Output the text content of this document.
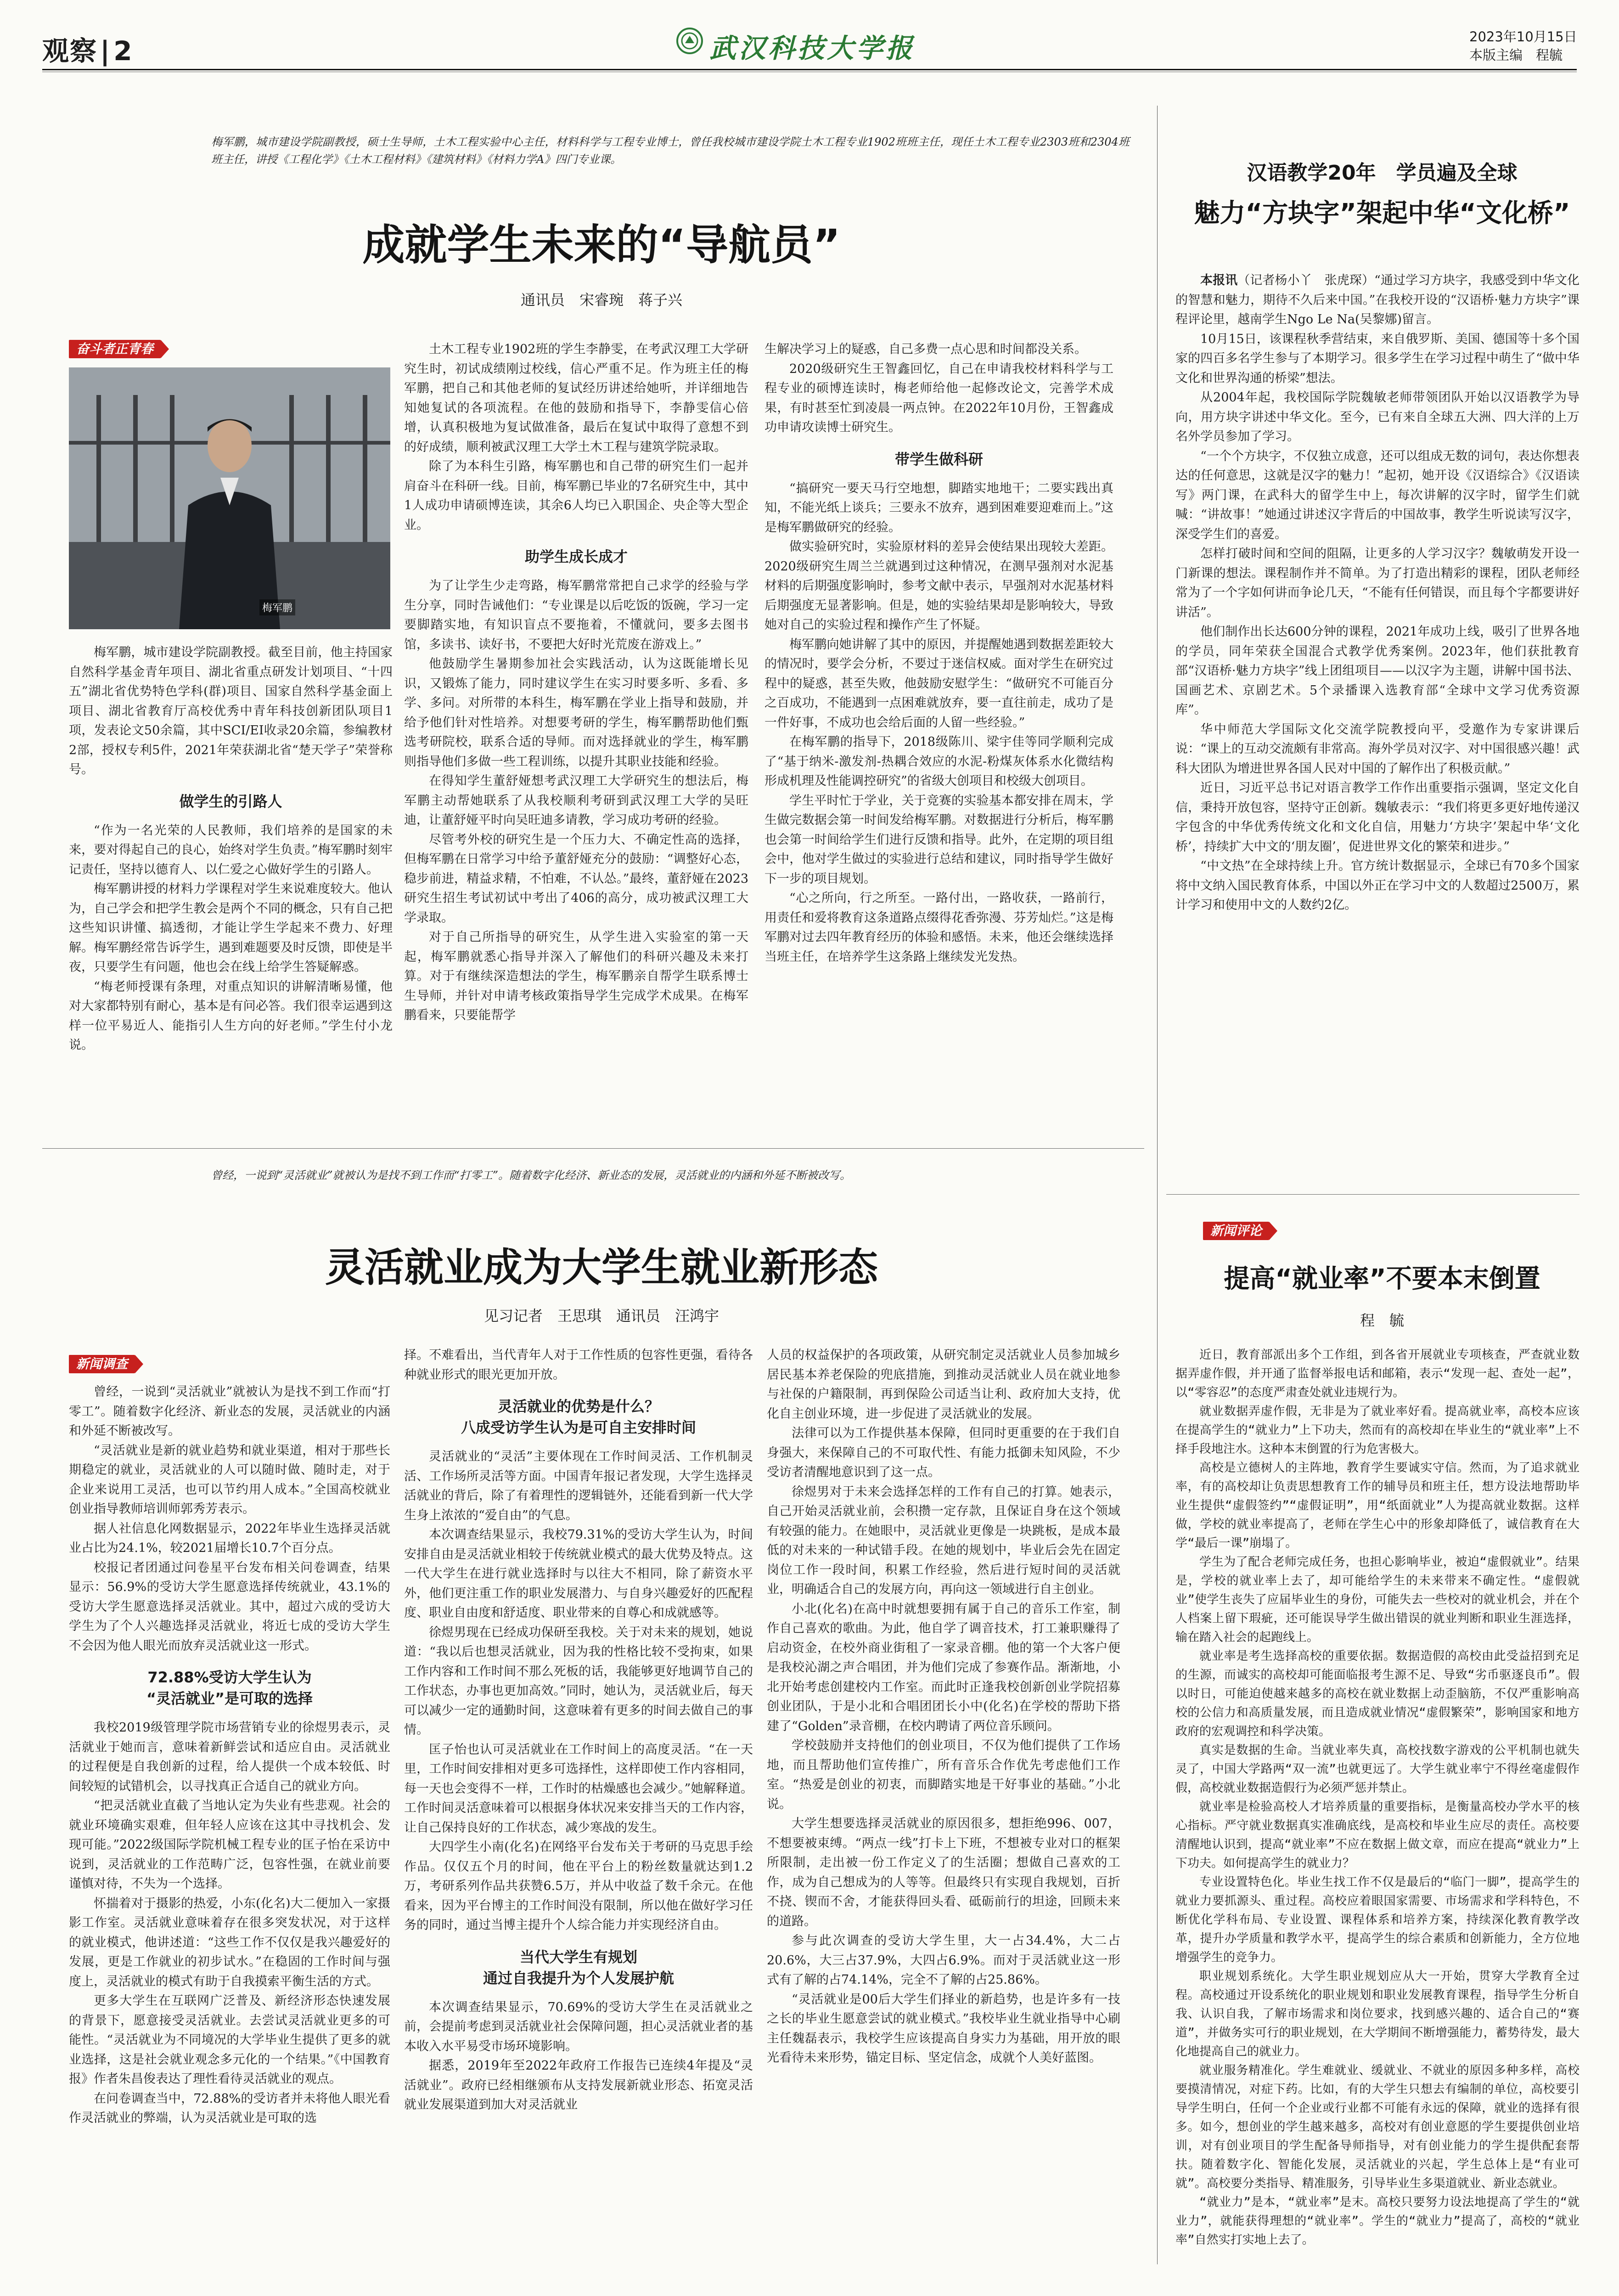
观察 | 2	武汉科技大学报	2023年10月15日
本版主编　程毓
梅军鹏，城市建设学院副教授，硕士生导师，土木工程实验中心主任，材料科学与工程专业博士，曾任我校城市建设学院土木工程专业1902班班主任，现任土木工程专业2303班和2304班班主任，讲授《工程化学》《土木工程材料》《建筑材料》《材料力学A》四门专业课。
成就学生未来的“导航员”
通讯员　宋睿琬　蒋子兴
奋斗者正青春
梅军鹏

梅军鹏，城市建设学院副教授。截至目前，他主持国家自然科学基金青年项目、湖北省重点研发计划项目、“十四五”湖北省优势特色学科(群)项目、国家自然科学基金面上项目、湖北省教育厅高校优秀中青年科技创新团队项目1项，发表论文50余篇，其中SCI/EI收录20余篇，参编教材2部，授权专利5件，2021年荣获湖北省“楚天学子”荣誉称号。

做学生的引路人

“作为一名光荣的人民教师，我们培养的是国家的未来，要对得起自己的良心，始终对学生负责。”梅军鹏时刻牢记责任，坚持以德育人、以仁爱之心做好学生的引路人。

梅军鹏讲授的材料力学课程对学生来说难度较大。他认为，自己学会和把学生教会是两个不同的概念，只有自己把这些知识讲懂、搞透彻，才能让学生学起来不费力、好理解。梅军鹏经常告诉学生，遇到难题要及时反馈，即使是半夜，只要学生有问题，他也会在线上给学生答疑解惑。

“梅老师授课有条理，对重点知识的讲解清晰易懂，他对大家都特别有耐心，基本是有问必答。我们很幸运遇到这样一位平易近人、能指引人生方向的好老师。”学生付小龙说。

土木工程专业1902班的学生李静雯，在考武汉理工大学研究生时，初试成绩刚过校线，信心严重不足。作为班主任的梅军鹏，把自己和其他老师的复试经历讲述给她听，并详细地告知她复试的各项流程。在他的鼓励和指导下，李静雯信心倍增，认真积极地为复试做准备，最后在复试中取得了意想不到的好成绩，顺利被武汉理工大学土木工程与建筑学院录取。

除了为本科生引路，梅军鹏也和自己带的研究生们一起并肩奋斗在科研一线。目前，梅军鹏已毕业的7名研究生中，其中1人成功申请硕博连读，其余6人均已入职国企、央企等大型企业。

助学生成长成才

为了让学生少走弯路，梅军鹏常常把自己求学的经验与学生分享，同时告诫他们：“专业课是以后吃饭的饭碗，学习一定要脚踏实地，有知识盲点不要拖着，不懂就问，要多去图书馆，多读书、读好书，不要把大好时光荒废在游戏上。”

他鼓励学生暑期参加社会实践活动，认为这既能增长见识，又锻炼了能力，同时建议学生在实习时要多听、多看、多学、多问。对所带的本科生，梅军鹏在学业上指导和鼓励，并给予他们针对性培养。对想要考研的学生，梅军鹏帮助他们甄选考研院校，联系合适的导师。而对选择就业的学生，梅军鹏则指导他们多做一些工程训练，以提升其职业技能和经验。

在得知学生董舒娅想考武汉理工大学研究生的想法后，梅军鹏主动帮她联系了从我校顺利考研到武汉理工大学的吴旺迪，让董舒娅平时向吴旺迪多请教，学习成功考研的经验。

尽管考外校的研究生是一个压力大、不确定性高的选择，但梅军鹏在日常学习中给予董舒娅充分的鼓励：“调整好心态，稳步前进，精益求精，不怕难，不认怂。”最终，董舒娅在2023研究生招生考试初试中考出了406的高分，成功被武汉理工大学录取。

对于自己所指导的研究生，从学生进入实验室的第一天起，梅军鹏就悉心指导并深入了解他们的科研兴趣及未来打算。对于有继续深造想法的学生，梅军鹏亲自帮学生联系博士生导师，并针对申请考核政策指导学生完成学术成果。在梅军鹏看来，只要能帮学

生解决学习上的疑惑，自己多费一点心思和时间都没关系。

2020级研究生王智鑫回忆，自己在申请我校材料科学与工程专业的硕博连读时，梅老师给他一起修改论文，完善学术成果，有时甚至忙到凌晨一两点钟。在2022年10月份，王智鑫成功申请攻读博士研究生。

带学生做科研

“搞研究一要天马行空地想，脚踏实地地干；二要实践出真知，不能光纸上谈兵；三要永不放弃，遇到困难要迎难而上。”这是梅军鹏做研究的经验。

做实验研究时，实验原材料的差异会使结果出现较大差距。2020级研究生周兰兰就遇到过这种情况，在测早强剂对水泥基材料的后期强度影响时，参考文献中表示，早强剂对水泥基材料后期强度无显著影响。但是，她的实验结果却是影响较大，导致她对自己的实验过程和操作产生了怀疑。

梅军鹏向她讲解了其中的原因，并提醒她遇到数据差距较大的情况时，要学会分析，不要过于迷信权威。面对学生在研究过程中的疑惑，甚至失败，他鼓励安慰学生：“做研究不可能百分之百成功，不能遇到一点困难就放弃，要一直往前走，成功了是一件好事，不成功也会给后面的人留一些经验。”

在梅军鹏的指导下，2018级陈川、梁宇佳等同学顺利完成了“基于纳米-激发剂-热耦合效应的水泥-粉煤灰体系水化微结构形成机理及性能调控研究”的省级大创项目和校级大创项目。

学生平时忙于学业，关于竞赛的实验基本都安排在周末，学生做完数据会第一时间发给梅军鹏。对数据进行分析后，梅军鹏也会第一时间给学生们进行反馈和指导。此外，在定期的项目组会中，他对学生做过的实验进行总结和建议，同时指导学生做好下一步的项目规划。

“心之所向，行之所至。一路付出，一路收获，一路前行，用责任和爱将教育这条道路点缀得花香弥漫、芬芳灿烂。”这是梅军鹏对过去四年教育经历的体验和感悟。未来，他还会继续选择当班主任，在培养学生这条路上继续发光发热。

汉语教学20年　学员遍及全球
魅力“方块字”架起中华“文化桥”

本报讯（记者杨小丫　张虎琛）“通过学习方块字，我感受到中华文化的智慧和魅力，期待不久后来中国。”在我校开设的“汉语桥·魅力方块字”课程评论里，越南学生Ngo Le Na(吴黎娜)留言。

10月15日，该课程秋季营结束，来自俄罗斯、美国、德国等十多个国家的四百多名学生参与了本期学习。很多学生在学习过程中萌生了“做中华文化和世界沟通的桥梁”想法。

从2004年起，我校国际学院魏敏老师带领团队开始以汉语教学为导向，用方块字讲述中华文化。至今，已有来自全球五大洲、四大洋的上万名外学员参加了学习。

“一个个方块字，不仅独立成意，还可以组成无数的词句，表达你想表达的任何意思，这就是汉字的魅力！”起初，她开设《汉语综合》《汉语读写》两门课，在武科大的留学生中上，每次讲解的汉字时，留学生们就喊：“讲故事！”她通过讲述汉字背后的中国故事，教学生听说读写汉字，深受学生们的喜爱。

怎样打破时间和空间的阻隔，让更多的人学习汉字？魏敏萌发开设一门新课的想法。课程制作并不简单。为了打造出精彩的课程，团队老师经常为了一个字如何讲而争论几天，“不能有任何错误，而且每个字都要讲好讲活”。

他们制作出长达600分钟的课程，2021年成功上线，吸引了世界各地的学员，同年荣获全国混合式教学优秀案例。2023年，他们获批教育部“汉语桥·魅力方块字”线上团组项目——以汉字为主题，讲解中国书法、国画艺术、京剧艺术。5个录播课入选教育部“全球中文学习优秀资源库”。

华中师范大学国际文化交流学院教授向平，受邀作为专家讲课后说：“课上的互动交流颇有非常高。海外学员对汉字、对中国很感兴趣！武科大团队为增进世界各国人民对中国的了解作出了积极贡献。”

近日，习近平总书记对语言教学工作作出重要指示强调，坚定文化自信，秉持开放包容，坚持守正创新。魏敏表示：“我们将更多更好地传递汉字包含的中华优秀传统文化和文化自信，用魅力‘方块字’架起中华‘文化桥’，持续扩大中文的‘朋友圈’，促进世界文化的繁荣和进步。”

“中文热”在全球持续上升。官方统计数据显示，全球已有70多个国家将中文纳入国民教育体系，中国以外正在学习中文的人数超过2500万，累计学习和使用中文的人数约2亿。

新闻评论
提高“就业率”不要本末倒置
程　毓

近日，教育部派出多个工作组，到各省开展就业专项核查，严查就业数据弄虚作假，并开通了监督举报电话和邮箱，表示“发现一起、查处一起”，以“零容忍”的态度严肃查处就业违规行为。

就业数据弄虚作假，无非是为了就业率好看。提高就业率，高校本应该在提高学生的“就业力”上下功夫，然而有的高校却在毕业生的“就业率”上不择手段地注水。这种本末倒置的行为危害极大。

高校是立德树人的主阵地，教育学生要诚实守信。然而，为了追求就业率，有的高校却让负责思想教育工作的辅导员和班主任，想方设法地帮助毕业生提供“虚假签约”“虚假证明”，用“纸面就业”人为提高就业数据。这样做，学校的就业率提高了，老师在学生心中的形象却降低了，诚信教育在大学“最后一课”崩塌了。

学生为了配合老师完成任务，也担心影响毕业，被迫“虚假就业”。结果是，学校的就业率上去了，却可能给学生的未来带来不确定性。“虚假就业”使学生丧失了应届毕业生的身份，可能失去一些校对的就业机会，并在个人档案上留下瑕疵，还可能误导学生做出错误的就业判断和职业生涯选择，输在踏入社会的起跑线上。

就业率是考生选择高校的重要依据。数据造假的高校由此受益招到充足的生源，而诚实的高校却可能面临报考生源不足、导致“劣币驱逐良币”。假以时日，可能迫使越来越多的高校在就业数据上动歪脑筋，不仅严重影响高校的公信力和高质量发展，而且造成就业情况“虚假繁荣”，影响国家和地方政府的宏观调控和科学决策。

真实是数据的生命。当就业率失真，高校找数字游戏的公平机制也就失灵了，中国大学路两“双一流”也就更远了。大学生就业率宁不得丝毫虚假作假，高校就业数据造假行为必须严惩并禁止。

就业率是检验高校人才培养质量的重要指标，是衡量高校办学水平的核心指标。严守就业数据真实准确底线，是高校和毕业生应尽的责任。高校要清醒地认识到，提高“就业率”不应在数据上做文章，而应在提高“就业力”上下功夫。如何提高学生的就业力？

专业设置特色化。毕业生找工作不仅是最后的“临门一脚”，提高学生的就业力要抓源头、重过程。高校应着眼国家需要、市场需求和学科特色，不断优化学科布局、专业设置、课程体系和培养方案，持续深化教育教学改革，提升办学质量和教学水平，提高学生的综合素质和创新能力，全方位地增强学生的竞争力。

职业规划系统化。大学生职业规划应从大一开始，贯穿大学教育全过程。高校通过开设系统化的职业规划和职业发展教育课程，指导学生分析自我、认识自我，了解市场需求和岗位要求，找到感兴趣的、适合自己的“赛道”，并做务实可行的职业规划，在大学期间不断增强能力，蓄势待发，最大化地提高自己的就业力。

就业服务精准化。学生难就业、缓就业、不就业的原因多种多样，高校要摸清情况，对症下药。比如，有的大学生只想去有编制的单位，高校要引导学生明白，任何一个企业或行业都不可能有永远的保障，就业的选择有很多。如今，想创业的学生越来越多，高校对有创业意愿的学生要提供创业培训，对有创业项目的学生配备导师指导，对有创业能力的学生提供配套帮扶。随着数字化、智能化发展，灵活就业的兴起，学生总体上是“有业可就”。高校要分类指导、精准服务，引导毕业生多渠道就业、新业态就业。

“就业力”是本，“就业率”是末。高校只要努力设法地提高了学生的“就业力”，就能获得理想的“就业率”。学生的“就业力”提高了，高校的“就业率”自然实打实地上去了。

曾经，一说到“灵活就业”就被认为是找不到工作而“打零工”。随着数字化经济、新业态的发展，灵活就业的内涵和外延不断被改写。
灵活就业成为大学生就业新形态
见习记者　王思琪　通讯员　汪鸿宇
新闻调查

曾经，一说到“灵活就业”就被认为是找不到工作而“打零工”。随着数字化经济、新业态的发展，灵活就业的内涵和外延不断被改写。

“灵活就业是新的就业趋势和就业渠道，相对于那些长期稳定的就业，灵活就业的人可以随时做、随时走，对于企业来说用工灵活，也可以节约用人成本。”全国高校就业创业指导教师培训师郭秀芳表示。

据人社信息化网数据显示，2022年毕业生选择灵活就业占比为24.1%，较2021届增长10.7个百分点。

校报记者团通过问卷星平台发布相关问卷调查，结果显示：56.9%的受访大学生愿意选择传统就业，43.1%的受访大学生愿意选择灵活就业。其中，超过六成的受访大学生为了个人兴趣选择灵活就业，将近七成的受访大学生不会因为他人眼光而放弃灵活就业这一形式。

72.88%受访大学生认为
“灵活就业”是可取的选择

我校2019级管理学院市场营销专业的徐煜男表示，灵活就业于她而言，意味着新鲜尝试和适应自由。灵活就业的过程便是自我创新的过程，给人提供一个成本较低、时间较短的试错机会，以寻找真正合适自己的就业方向。

“把灵活就业直截了当地认定为失业有些悲观。社会的就业环境确实艰难，但年轻人应该在这其中寻找机会、发现可能。”2022级国际学院机械工程专业的匡子怡在采访中说到，灵活就业的工作范畴广泛，包容性强，在就业前要谨慎对待，不失为一个选择。

怀揣着对于摄影的热爱，小东(化名)大二便加入一家摄影工作室。灵活就业意味着存在很多突发状况，对于这样的就业模式，他讲述道：“这些工作不仅仅是我兴趣爱好的发展，更是工作就业的初步试水。”在稳固的工作时间与强度上，灵活就业的模式有助于自我摸索平衡生活的方式。

更多大学生在互联网广泛普及、新经济形态快速发展的背景下，愿意接受灵活就业。去尝试灵活就业更多的可能性。“灵活就业为不同境况的大学毕业生提供了更多的就业选择，这是社会就业观念多元化的一个结果。”《中国教育报》作者朱昌俊表达了理性看待灵活就业的观点。

在问卷调查当中，72.88%的受访者并未将他人眼光看作灵活就业的弊端，认为灵活就业是可取的选

择。不难看出，当代青年人对于工作性质的包容性更强，看待各种就业形式的眼光更加开放。

灵活就业的优势是什么？
八成受访学生认为是可自主安排时间

灵活就业的“灵活”主要体现在工作时间灵活、工作机制灵活、工作场所灵活等方面。中国青年报记者发现，大学生选择灵活就业的背后，除了有着理性的逻辑链外，还能看到新一代大学生身上浓浓的“爱自由”的气息。

本次调查结果显示，我校79.31%的受访大学生认为，时间安排自由是灵活就业相较于传统就业模式的最大优势及特点。这一代大学生在进行就业选择时与以往大不相同，除了薪资水平外，他们更注重工作的职业发展潜力、与自身兴趣爱好的匹配程度、职业自由度和舒适度、职业带来的自尊心和成就感等。

徐煜男现在已经成功保研至我校。关于对未来的规划，她说道：“我以后也想灵活就业，因为我的性格比较不受拘束，如果工作内容和工作时间不那么死板的话，我能够更好地调节自己的工作状态，办事也更加高效。”同时，她认为，灵活就业后，每天可以减少一定的通勤时间，这意味着有更多的时间去做自己的事情。

匡子怡也认可灵活就业在工作时间上的高度灵活。“在一天里，工作时间安排相对更多可选择性，这样即使工作内容相同，每一天也会变得不一样，工作时的枯燥感也会减少。”她解释道。工作时间灵活意味着可以根据身体状况来安排当天的工作内容，让自己保持良好的工作状态，减少寒战的发生。

大四学生小南(化名)在网络平台发布关于考研的马克思手绘作品。仅仅五个月的时间，他在平台上的粉丝数量就达到1.2万，考研系列作品共获赞6.5万，并从中收益了数千余元。在他看来，因为平台博主的工作时间没有限制，所以他在做好学习任务的同时，通过当博主提升个人综合能力并实现经济自由。

当代大学生有规划
通过自我提升为个人发展护航

本次调查结果显示，70.69%的受访大学生在灵活就业之前，会提前考虑到灵活就业社会保障问题，担心灵活就业者的基本收入水平易受市场环境影响。

据悉，2019年至2022年政府工作报告已连续4年提及“灵活就业”。政府已经相继颁布从支持发展新就业形态、拓宽灵活就业发展渠道到加大对灵活就业

人员的权益保护的各项政策，从研究制定灵活就业人员参加城乡居民基本养老保险的兜底措施，到推动灵活就业人员在就业地参与社保的户籍限制，再到保险公司适当让利、政府加大支持，优化自主创业环境，进一步促进了灵活就业的发展。

法律可以为工作提供基本保障，但同时更重要的在于我们自身强大，来保障自己的不可取代性、有能力抵御未知风险，不少受访者清醒地意识到了这一点。

徐煜男对于未来会选择怎样的工作有自己的打算。她表示，自己开始灵活就业前，会积攒一定存款，且保证自身在这个领域有较强的能力。在她眼中，灵活就业更像是一块跳板，是成本最低的对未来的一种试错手段。在她的规划中，毕业后会先在固定岗位工作一段时间，积累工作经验，然后进行短时间的灵活就业，明确适合自己的发展方向，再向这一领域进行自主创业。

小北(化名)在高中时就想要拥有属于自己的音乐工作室，制作自己喜欢的歌曲。为此，他自学了调音技术，打工兼职赚得了启动资金，在校外商业街租了一家录音棚。他的第一个大客户便是我校沁湖之声合唱团，并为他们完成了参赛作品。渐渐地，小北开始考虑创建校内工作室。而此时正逢我校创新创业学院招募创业团队，于是小北和合唱团团长小中(化名)在学校的帮助下搭建了“Golden”录音棚，在校内聘请了两位音乐顾问。

学校鼓励并支持他们的创业项目，不仅为他们提供了工作场地，而且帮助他们宣传推广，所有音乐合作优先考虑他们工作室。“热爱是创业的初衷，而脚踏实地是干好事业的基础。”小北说。

大学生想要选择灵活就业的原因很多，想拒绝996、007，不想要被束缚。“两点一线”打卡上下班，不想被专业对口的框架所限制，走出被一份工作定义了的生活圈；想做自己喜欢的工作，成为自己想成为的人等等。但最终只有实现自我规划，百折不挠、锲而不舍，才能获得回头看、砥砺前行的坦途，回顾未来的道路。

参与此次调查的受访大学生里，大一占34.4%，大二占20.6%，大三占37.9%，大四占6.9%。而对于灵活就业这一形式有了解的占74.14%，完全不了解的占25.86%。

“灵活就业是00后大学生们择业的新趋势，也是许多有一技之长的毕业生愿意尝试的就业模式。”我校毕业生就业指导中心刷主任魏磊表示，我校学生应该提高自身实力为基础，用开放的眼光看待未来形势，锚定目标、坚定信念，成就个人美好蓝图。
